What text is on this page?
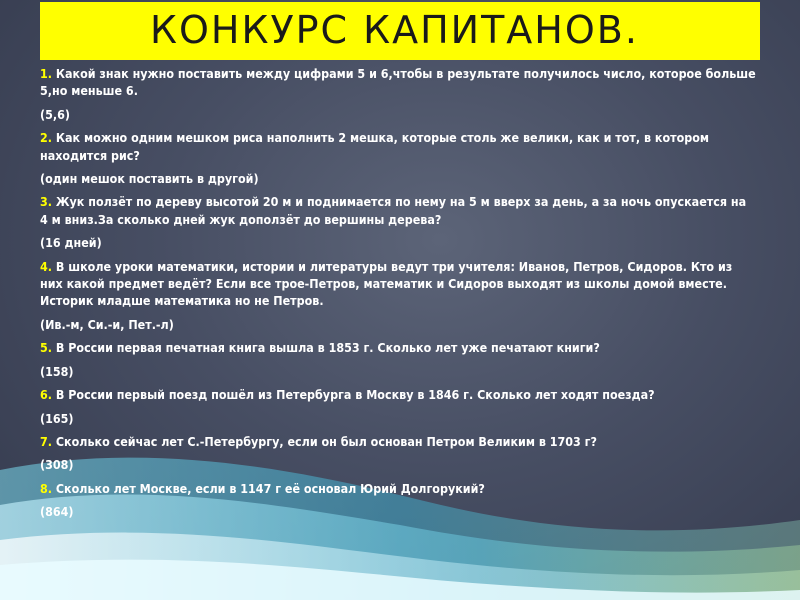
КОНКУРС КАПИТАНОВ.

1. Какой знак нужно поставить между цифрами 5 и 6,чтобы в результате получилось число, которое больше 5,но меньше 6.

(5,6)

2. Как можно одним мешком риса наполнить 2 мешка, которые столь же велики, как и тот, в котором находится рис?

(один мешок поставить в другой)

3. Жук ползёт по дереву высотой 20 м и поднимается по нему на 5 м вверх за день, а за ночь опускается на 4 м вниз.За сколько дней жук доползёт до вершины дерева?

(16 дней)

4. В школе уроки математики, истории и литературы ведут три учителя: Иванов, Петров, Сидоров. Кто из них какой предмет ведёт? Если все трое-Петров, математик и Сидоров выходят из школы домой вместе. Историк младше математика но не Петров.

(Ив.-м, Си.-и, Пет.-л)

5. В России первая печатная книга вышла в 1853 г. Сколько лет уже печатают книги?

(158)

6. В России первый поезд пошёл из Петербурга в Москву в 1846 г. Сколько лет ходят поезда?

(165)

7. Сколько сейчас лет С.-Петербургу, если он был основан Петром Великим в 1703 г?

(308)

8. Сколько лет Москве, если в 1147 г её основал Юрий Долгорукий?

(864)
